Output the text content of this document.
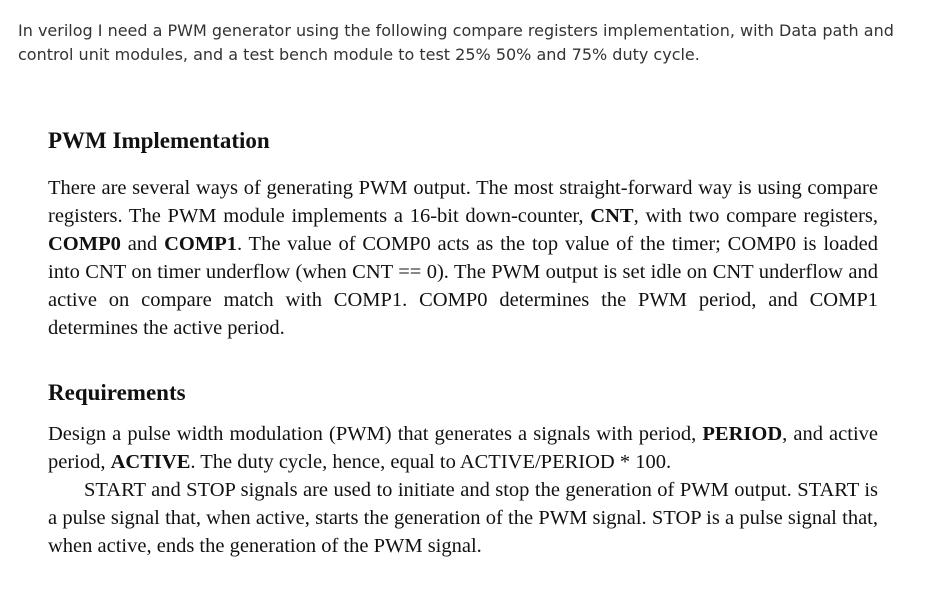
In verilog I need a PWM generator using the following compare registers implementation, with Data path and control unit modules, and a test bench module to test 25% 50% and 75% duty cycle.
PWM Implementation

There are several ways of generating PWM output. The most straight-forward way is using compare registers. The PWM module implements a 16-bit down-counter, CNT, with two compare registers, COMP0 and COMP1. The value of COMP0 acts as the top value of the timer; COMP0 is loaded into CNT on timer underflow (when CNT == 0). The PWM output is set idle on CNT underflow and active on compare match with COMP1. COMP0 determines the PWM period, and COMP1 determines the active period.

Requirements

Design a pulse width modulation (PWM) that generates a signals with period, PERIOD, and active period, ACTIVE. The duty cycle, hence, equal to ACTIVE/PERIOD * 100.
START and STOP signals are used to initiate and stop the generation of PWM output. START is a pulse signal that, when active, starts the generation of the PWM signal. STOP is a pulse signal that, when active, ends the generation of the PWM signal.
